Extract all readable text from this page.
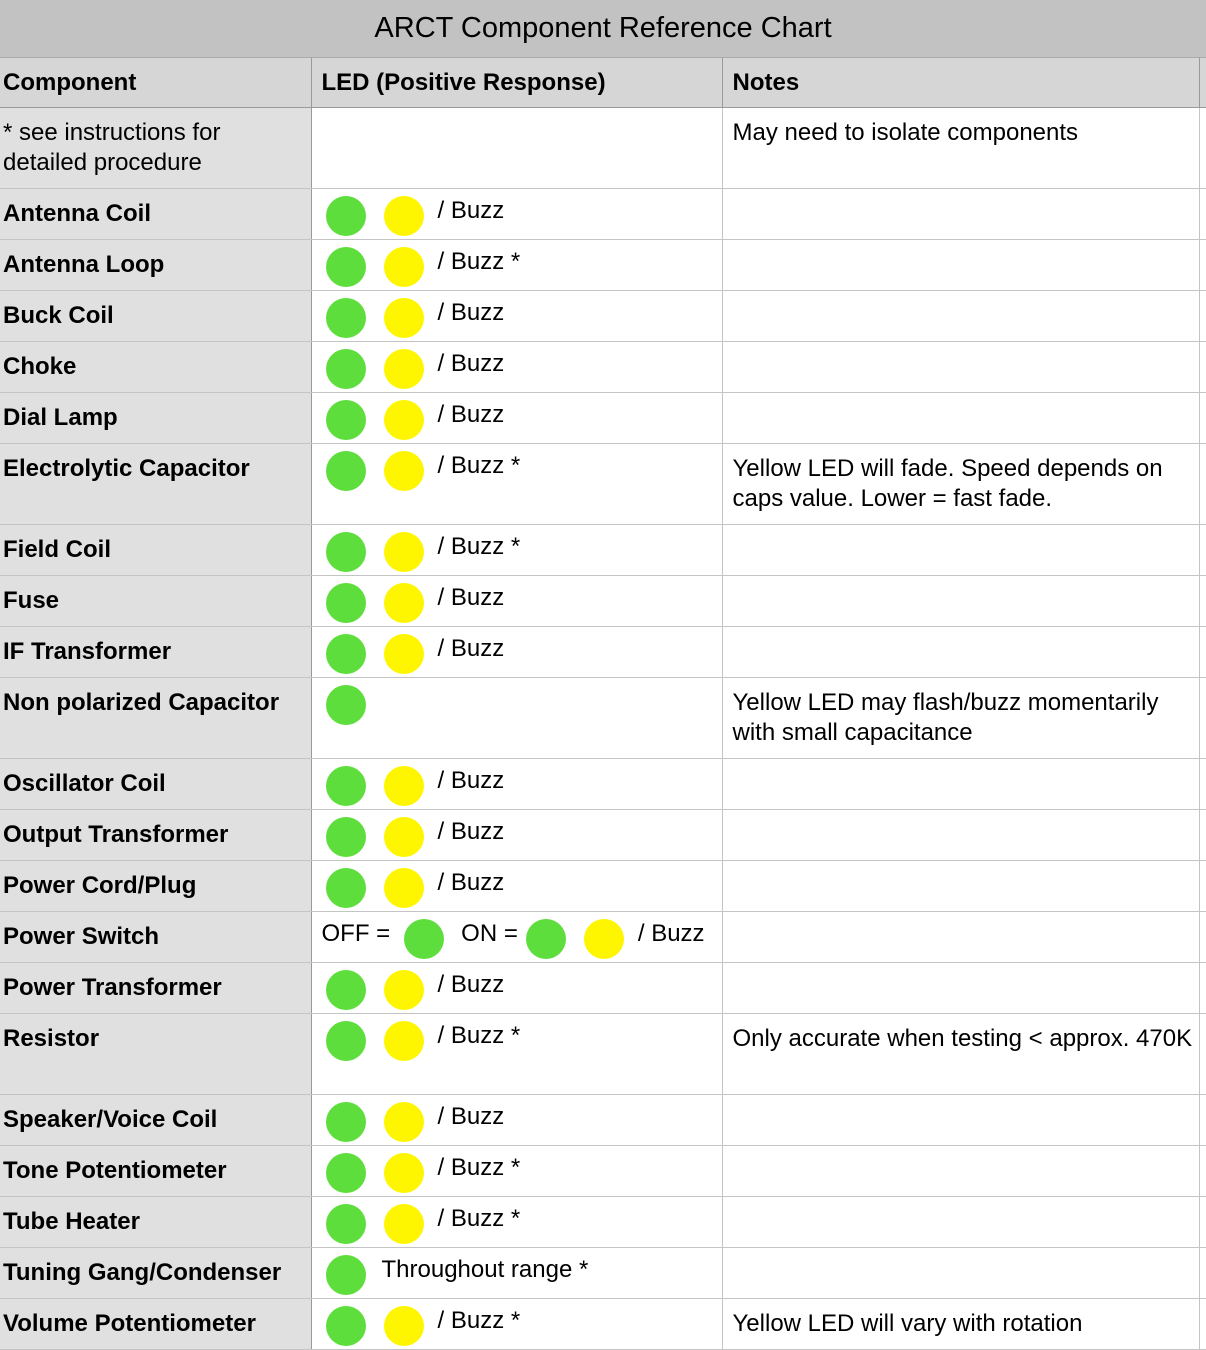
ARCT Component Reference Chart			
Component	LED (Positive Response)	Notes	
* see instructions for detailed procedure		May need to isolate components	
Antenna Coil	/ Buzz		

Antenna Loop	/ Buzz *		

Buck Coil	/ Buzz		

Choke	/ Buzz		

Dial Lamp	/ Buzz		

Electrolytic Capacitor	/ Buzz *	Yellow LED will fade. Speed depends on caps value. Lower = fast fade.	
Field Coil	/ Buzz *		

Fuse	/ Buzz		

IF Transformer	/ Buzz		

Non polarized Capacitor		Yellow LED may flash/buzz momentarily with small capacitance	
Oscillator Coil	/ Buzz		

Output Transformer	/ Buzz		

Power Cord/Plug	/ Buzz		

Power Switch	OFF = ON = / Buzz		

Power Transformer	/ Buzz		

Resistor	/ Buzz *	Only accurate when testing < approx. 470K	
Speaker/Voice Coil	/ Buzz		

Tone Potentiometer	/ Buzz *		

Tube Heater	/ Buzz *		

Tuning Gang/Condenser	Throughout range *		

Volume Potentiometer	/ Buzz *	Yellow LED will vary with rotation	
